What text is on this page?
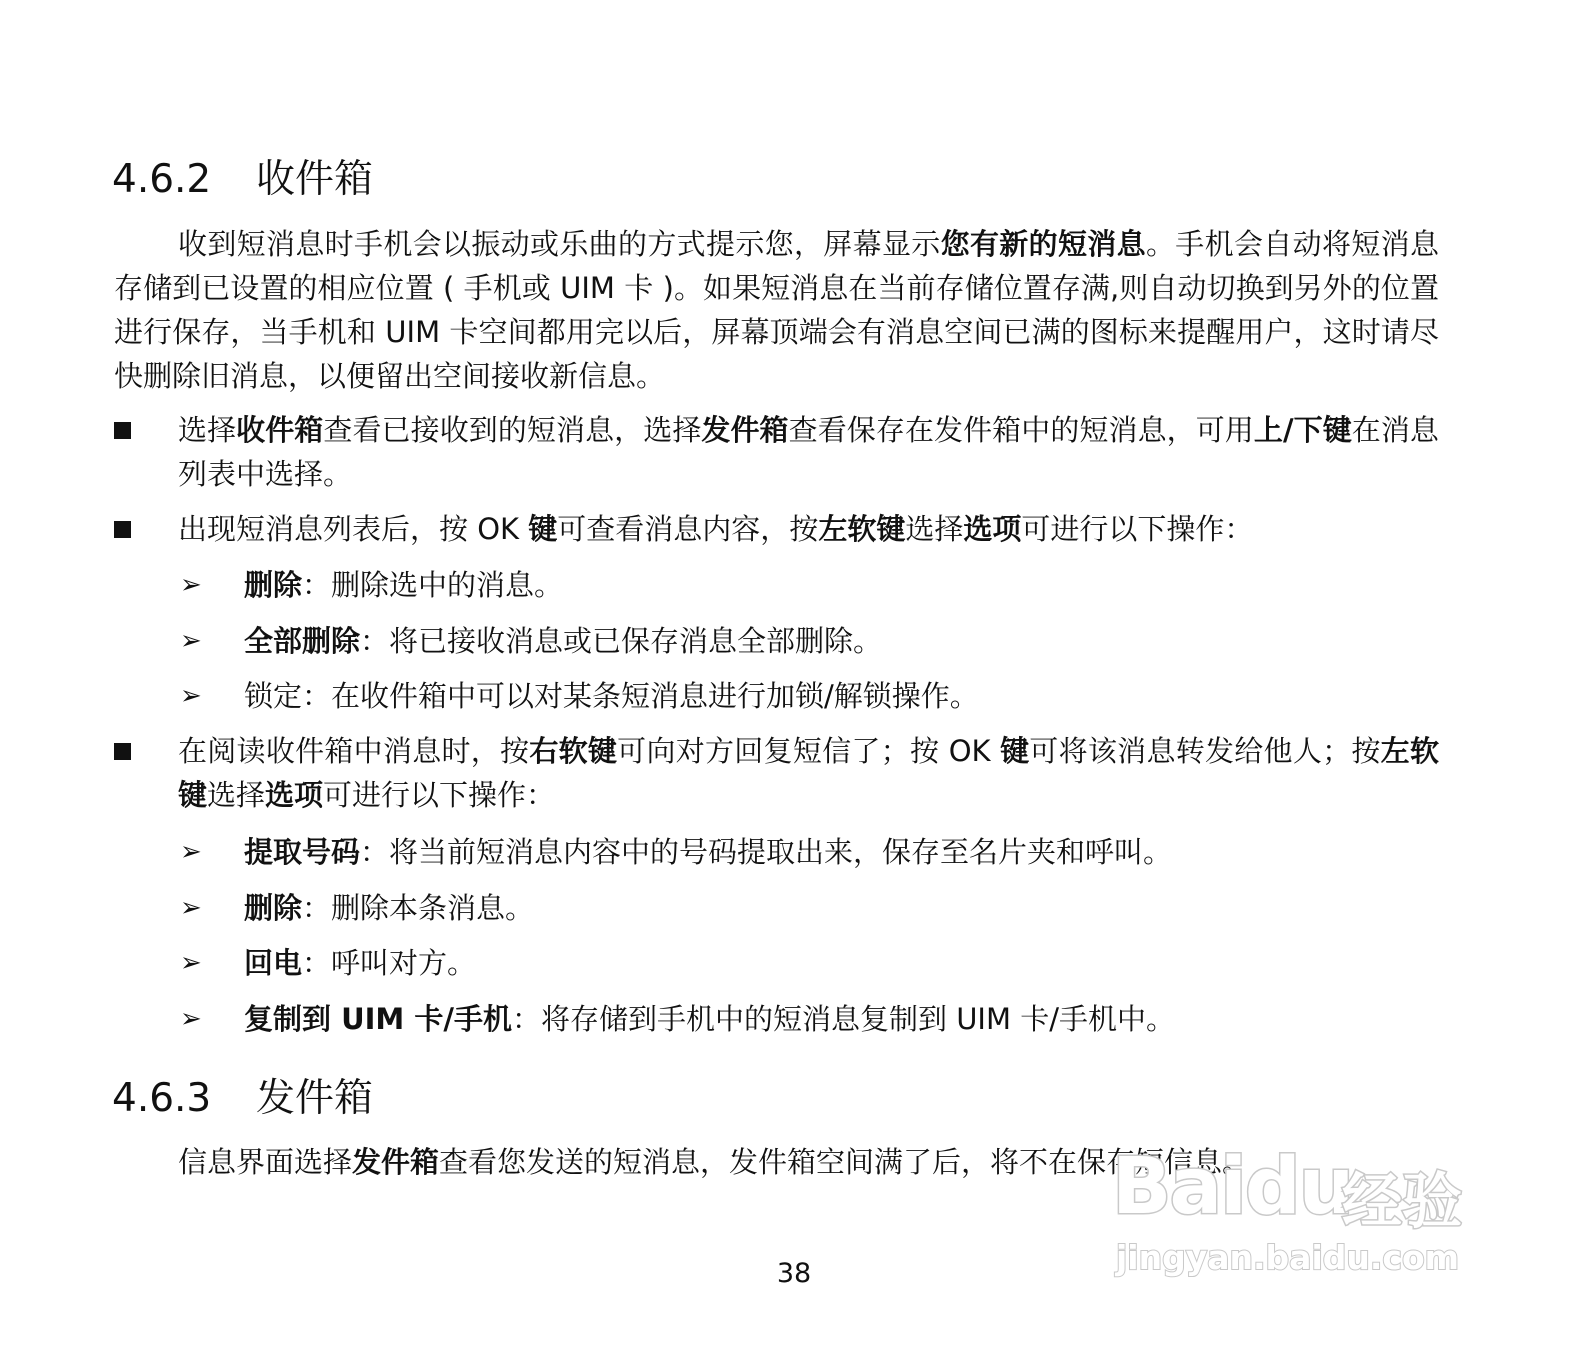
4.6.2 收件箱

收到短消息时手机会以振动或乐曲的方式提示您，屏幕显示您有新的短消息。手机会自动将短消息存储到已设置的相应位置 ( 手机或 UIM 卡 )。如果短消息在当前存储位置存满,则自动切换到另外的位置进行保存，当手机和 UIM 卡空间都用完以后，屏幕顶端会有消息空间已满的图标来提醒用户，这时请尽快删除旧消息，以便留出空间接收新信息。

选择收件箱查看已接收到的短消息，选择发件箱查看保存在发件箱中的短消息，可用上/下键在消息列表中选择。
出现短消息列表后，按 OK 键可查看消息内容，按左软键选择选项可进行以下操作：
➢ 删除：删除选中的消息。
➢ 全部删除：将已接收消息或已保存消息全部删除。
➢ 锁定：在收件箱中可以对某条短消息进行加锁/解锁操作。
在阅读收件箱中消息时，按右软键可向对方回复短信了；按 OK 键可将该消息转发给他人；按左软键选择选项可进行以下操作：
➢ 提取号码：将当前短消息内容中的号码提取出来，保存至名片夹和呼叫。
➢ 删除：删除本条消息。
➢ 回电：呼叫对方。
➢ 复制到 UIM 卡/手机：将存储到手机中的短消息复制到 UIM 卡/手机中。
4.6.3 发件箱

信息界面选择发件箱查看您发送的短消息，发件箱空间满了后，将不在保存短信息。

38
Baidu
经验
jingyan.baidu.com
